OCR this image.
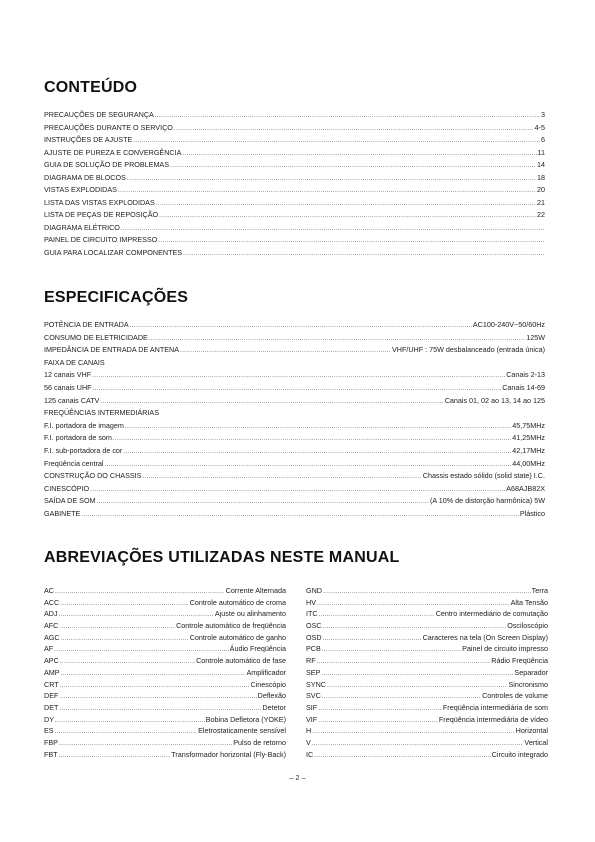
CONTEÚDO
PRECAUÇÕES DE SEGURANÇA .....	3
PRECAUÇÕES DURANTE O SERVIÇO .....	4-5
INSTRUÇÕES DE AJUSTE .....	6
AJUSTE DE PUREZA E CONVERGÊNCIA .....	11
GUIA DE SOLUÇÃO DE PROBLEMAS .....	14
DIAGRAMA DE BLOCOS .....	18
VISTAS EXPLODIDAS .....	20
LISTA DAS VISTAS EXPLODIDAS .....	21
LISTA DE PEÇAS DE REPOSIÇÃO .....	22
DIAGRAMA ELÉTRICO
.....
PAINEL DE CIRCUITO IMPRESSO
.....
GUIA PARA LOCALIZAR COMPONENTES
.....
ESPECIFICAÇÕES
POTÊNCIA DE ENTRADA .....	AC100-240V~50/60Hz
CONSUMO DE ELETRICIDADE .....	125W
IMPEDÂNCIA DE ENTRADA DE ANTENA .....	VHF/UHF : 75W desbalanceado (entrada única)
FAIXA DE CANAIS
12 canais VHF .....	Canais 2-13
56 canais UHF .....	Canais 14-69
125 canais CATV .....	Canais 01, 02 ao 13, 14 ao 125
FREQÜÊNCIAS INTERMEDIÁRIAS
F.I. portadora de imagem .....	45,75MHz
F.I. portadora de som .....	41,25MHz
F.I. sub-portadora de cor .....	42,17MHz
Freqüência central .....	44,00MHz
CONSTRUÇÃO DO CHASSIS .....	Chassis estado sólido (solid state) I.C.
CINESCÓPIO .....	A68AJB82X
SAÍDA DE SOM .....	(A 10% de distorção harmônica) 5W
GABINETE .....	Plástico
ABREVIAÇÕES UTILIZADAS NESTE MANUAL
AC .....	Corrente Alternada
ACC .....	Controle automático de croma
ADJ .....	Ajuste ou alinhamento
AFC .....	Controle automático de freqüência
AGC .....	Controle automático de ganho
AF .....	Áudio Freqüência
APC .....	Controle automático de fase
AMP .....	Amplificador
CRT .....	Cinescópio
DEF .....	Deflexão
DET .....	Detetor
DY .....	Bobina Defletora (YOKE)
ES .....	Eletrostaticamente sensível
FBP .....	Pulso de retorno
FBT .....	Transformador horizontal (Fly-Back)
GND .....	Terra
HV .....	Alta Tensão
ITC .....	Centro intermediário de comutação
OSC .....	Osciloscópio
OSD .....	Caracteres na tela (On Screen Display)
PCB .....	Painel de circuito impresso
RF .....	Rádio Freqüência
SEP .....	Separador
SYNC .....	Sincronismo
SVC .....	Controles de volume
SIF .....	Freqüência intermediária de som
VIF .....	Freqüência intermediária de vídeo
H .....	Horizontal
V .....	Vertical
IC .....	Circuito integrado
– 2 –
